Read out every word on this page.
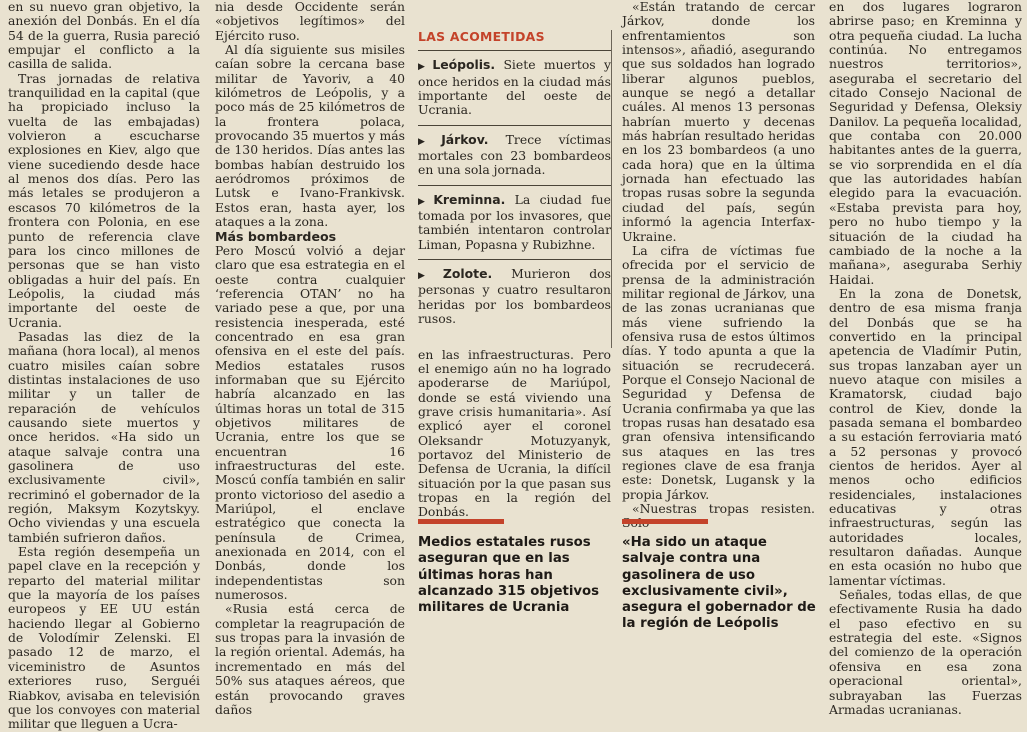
en su nuevo gran objetivo, la anexión del Donbás. En el día 54 de la guerra, Rusia pareció empujar el conflicto a la casilla de salida.

Tras jornadas de relativa tranquilidad en la capital (que ha propiciado incluso la vuelta de las embajadas) volvieron a escucharse explosiones en Kiev, algo que viene sucediendo desde hace al menos dos días. Pero las más letales se produjeron a escasos 70 kilómetros de la frontera con Polonia, en ese punto de referencia clave para los cinco millones de personas que se han visto obligadas a huir del país. En Leópolis, la ciudad más importante del oeste de Ucrania.

Pasadas las diez de la mañana (hora local), al menos cuatro misiles caían sobre distintas instalaciones de uso militar y un taller de reparación de vehículos causando siete muertos y once heridos. «Ha sido un ataque salvaje contra una gasolinera de uso exclusivamente civil», recriminó el gobernador de la región, Maksym Kozytskyy. Ocho viviendas y una escuela también sufrieron daños.

Esta región desempeña un papel clave en la recepción y reparto del material militar que la mayoría de los países europeos y EE UU están haciendo llegar al Gobierno de Volodímir Zelenski. El pasado 12 de marzo, el viceministro de Asuntos exteriores ruso, Serguéi Riabkov, avisaba en televisión que los convoyes con material militar que lleguen a Ucra-

nia desde Occidente serán «objetivos legítimos» del Ejército ruso.

Al día siguiente sus misiles caían sobre la cercana base militar de Yavoriv, a 40 kilómetros de Leópolis, y a poco más de 25 kilómetros de la frontera polaca, provocando 35 muertos y más de 130 heridos. Días antes las bombas habían destruido los aeródromos próximos de Lutsk e Ivano-Frankivsk. Estos eran, hasta ayer, los ataques a la zona.

Más bombardeos

Pero Moscú volvió a dejar claro que esa estrategia en el oeste contra cualquier ‘referencia OTAN’ no ha variado pese a que, por una resistencia inesperada, esté concentrado en esa gran ofensiva en el este del país. Medios estatales rusos informaban que su Ejército habría alcanzado en las últimas horas un total de 315 objetivos militares de Ucrania, entre los que se encuentran 16 infraestructuras del este. Moscú confía también en salir pronto victorioso del asedio a Mariúpol, el enclave estratégico que conecta la península de Crimea, anexionada en 2014, con el Donbás, donde los independentistas son numerosos.

«Rusia está cerca de completar la reagrupación de sus tropas para la invasión de la región oriental. Además, ha incrementado en más del 50% sus ataques aéreos, que están provocando graves daños

LAS ACOMETIDAS
▶ Leópolis. Siete muertos y once heridos en la ciudad más importante del oeste de Ucrania.
▶ Járkov. Trece víctimas mortales con 23 bombardeos en una sola jornada.
▶ Kreminna. La ciudad fue tomada por los invasores, que también intentaron controlar Liman, Popasna y Rubizhne.
▶ Zolote. Murieron dos personas y cuatro resultaron heridas por los bombardeos rusos.

en las infraestructuras. Pero el enemigo aún no ha logrado apoderarse de Mariúpol, donde se está viviendo una grave crisis humanitaria». Así explicó ayer el coronel Oleksandr Motuzyanyk, portavoz del Ministerio de Defensa de Ucrania, la difícil situación por la que pasan sus tropas en la región del Donbás.

«Están tratando de cercar Járkov, donde los enfrentamientos son intensos», añadió, asegurando que sus soldados han logrado liberar algunos pueblos, aunque se negó a detallar cuáles. Al menos 13 personas habrían muerto y decenas más habrían resultado heridas en los 23 bombardeos (a uno cada hora) que en la última jornada han efectuado las tropas rusas sobre la segunda ciudad del país, según informó la agencia Interfax-Ukraine.

La cifra de víctimas fue ofrecida por el servicio de prensa de la administración militar regional de Járkov, una de las zonas ucranianas que más viene sufriendo la ofensiva rusa de estos últimos días. Y todo apunta a que la situación se recrudecerá. Porque el Consejo Nacional de Seguridad y Defensa de Ucrania confirmaba ya que las tropas rusas han desatado esa gran ofensiva intensificando sus ataques en las tres regiones clave de esa franja este: Donetsk, Lugansk y la propia Járkov.

«Nuestras tropas resisten.

en dos lugares lograron abrirse paso; en Kreminna y otra pequeña ciudad. La lucha continúa. No entregamos nuestros territorios», aseguraba el secretario del citado Consejo Nacional de Seguridad y Defensa, Oleksiy Danilov. La pequeña localidad, que contaba con 20.000 habitantes antes de la guerra, se vio sorprendida en el día que las autoridades habían elegido para la evacuación. «Estaba prevista para hoy, pero no hubo tiempo y la situación de la ciudad ha cambiado de la noche a la mañana», aseguraba Serhiy Haidai.

En la zona de Donetsk, dentro de esa misma franja del Donbás que se ha convertido en la principal apetencia de Vladímir Putin, sus tropas lanzaban ayer un nuevo ataque con misiles a Kramatorsk, ciudad bajo control de Kiev, donde la pasada semana el bombardeo a su estación ferroviaria mató a 52 personas y provocó cientos de heridos. Ayer al menos ocho edificios residenciales, instalaciones educativas y otras infraestructuras, según las autoridades locales, resultaron dañadas. Aunque en esta ocasión no hubo que lamentar víctimas.

Señales, todas ellas, de que efectivamente Rusia ha dado el paso efectivo en su estrategia del este. «Signos del comienzo de la operación ofensiva en esa zona operacional oriental», subrayaban las Fuerzas Armadas ucranianas.

Medios estatales rusos aseguran que en las últimas horas han alcanzado 315 objetivos militares de Ucrania
«Ha sido un ataque salvaje contra una gasolinera de uso exclusivamente civil», asegura el gobernador de la región de Leópolis
